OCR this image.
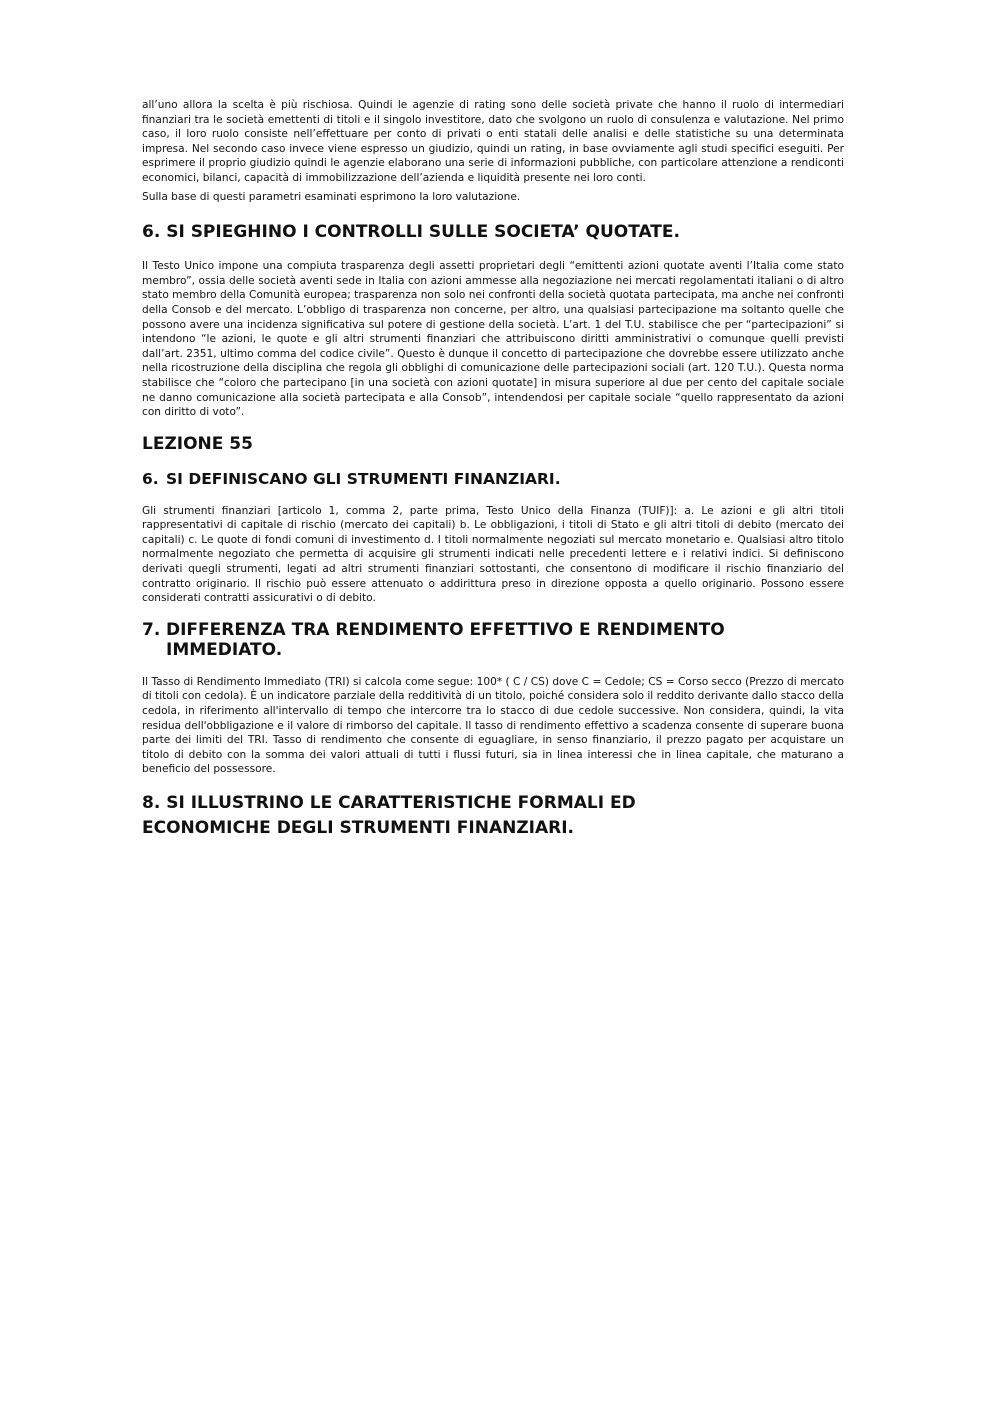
all’uno allora la scelta è più rischiosa. Quindi le agenzie di rating sono delle società private che hanno il ruolo di intermediari finanziari tra le società emettenti di titoli e il singolo investitore, dato che svolgono un ruolo di consulenza e valutazione. Nel primo caso, il loro ruolo consiste nell’effettuare per conto di privati o enti statali delle analisi e delle statistiche su una determinata impresa. Nel secondo caso invece viene espresso un giudizio, quindi un rating, in base ovviamente agli studi specifici eseguiti. Per esprimere il proprio giudizio quindi le agenzie elaborano una serie di informazioni pubbliche, con particolare attenzione a rendiconti economici, bilanci, capacità di immobilizzazione dell’azienda e liquidità presente nei loro conti.

Sulla base di questi parametri esaminati esprimono la loro valutazione.

6. SI SPIEGHINO I CONTROLLI SULLE SOCIETA’ QUOTATE.

Il Testo Unico impone una compiuta trasparenza degli assetti proprietari degli “emittenti azioni quotate aventi l’Italia come stato membro”, ossia delle società aventi sede in Italia con azioni ammesse alla negoziazione nei mercati regolamentati italiani o di altro stato membro della Comunità europea; trasparenza non solo nei confronti della società quotata partecipata, ma anche nei confronti della Consob e del mercato. L’obbligo di trasparenza non concerne, per altro, una qualsiasi partecipazione ma soltanto quelle che possono avere una incidenza significativa sul potere di gestione della società. L’art. 1 del T.U. stabilisce che per “partecipazioni” si intendono “le azioni, le quote e gli altri strumenti finanziari che attribuiscono diritti amministrativi o comunque quelli previsti dall’art. 2351, ultimo comma del codice civile”. Questo è dunque il concetto di partecipazione che dovrebbe essere utilizzato anche nella ricostruzione della disciplina che regola gli obblighi di comunicazione delle partecipazioni sociali (art. 120 T.U.). Questa norma stabilisce che “coloro che partecipano [in una società con azioni quotate] in misura superiore al due per cento del capitale sociale ne danno comunicazione alla società partecipata e alla Consob”, intendendosi per capitale sociale “quello rappresentato da azioni con diritto di voto”.

LEZIONE 55
6. SI DEFINISCANO GLI STRUMENTI FINANZIARI.

Gli strumenti finanziari [articolo 1, comma 2, parte prima, Testo Unico della Finanza (TUIF)]: a. Le azioni e gli altri titoli rappresentativi di capitale di rischio (mercato dei capitali) b. Le obbligazioni, i titoli di Stato e gli altri titoli di debito (mercato dei capitali) c. Le quote di fondi comuni di investimento d. I titoli normalmente negoziati sul mercato monetario e. Qualsiasi altro titolo normalmente negoziato che permetta di acquisire gli strumenti indicati nelle precedenti lettere e i relativi indici. Si definiscono derivati quegli strumenti, legati ad altri strumenti finanziari sottostanti, che consentono di modificare il rischio finanziario del contratto originario. Il rischio può essere attenuato o addirittura preso in direzione opposta a quello originario. Possono essere considerati contratti assicurativi o di debito.

7. DIFFERENZA TRA RENDIMENTO EFFETTIVO E RENDIMENTO
IMMEDIATO.

Il Tasso di Rendimento Immediato (TRI) si calcola come segue: 100* ( C / CS) dove C = Cedole; CS = Corso secco (Prezzo di mercato di titoli con cedola). È un indicatore parziale della redditività di un titolo, poiché considera solo il reddito derivante dallo stacco della cedola, in riferimento all'intervallo di tempo che intercorre tra lo stacco di due cedole successive. Non considera, quindi, la vita residua dell'obbligazione e il valore di rimborso del capitale. Il tasso di rendimento effettivo a scadenza consente di superare buona parte dei limiti del TRI. Tasso di rendimento che consente di eguagliare, in senso finanziario, il prezzo pagato per acquistare un titolo di debito con la somma dei valori attuali di tutti i flussi futuri, sia in linea interessi che in linea capitale, che maturano a beneficio del possessore.

8. SI ILLUSTRINO LE CARATTERISTICHE FORMALI ED
ECONOMICHE DEGLI STRUMENTI FINANZIARI.
